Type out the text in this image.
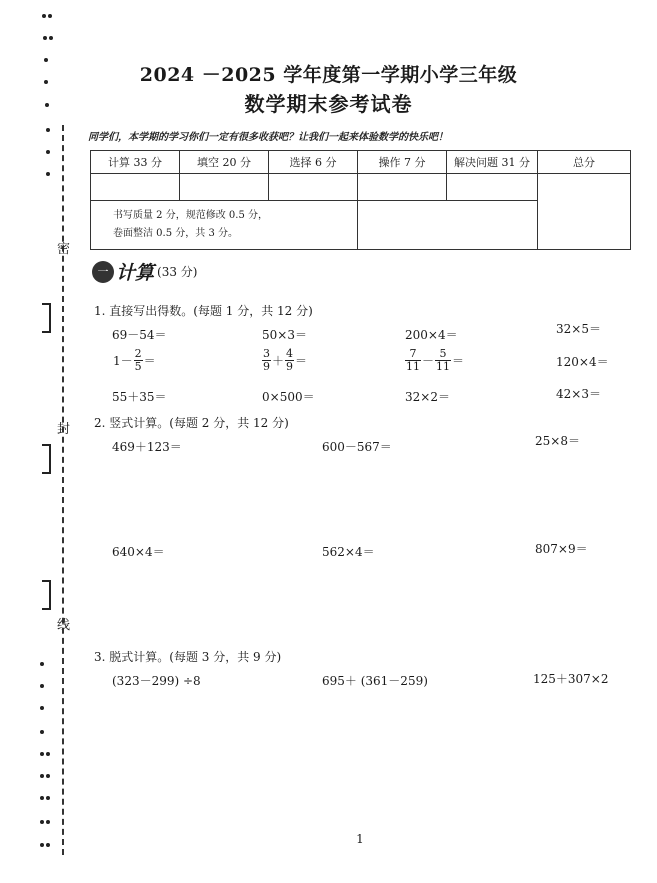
密
封
线
2024 －2025 学年度第一学期小学三年级
数学期末参考试卷
同学们，本学期的学习你们一定有很多收获吧？让我们一起来体验数学的快乐吧！
计算 33 分	填空 20 分	选择 6 分	操作 7 分	解决问题 31 分	总分

书写质量 2 分，规范修改 0.5 分，
卷面整洁 0.5 分，共 3 分。					
一 计算 (33 分)
1. 直接写出得数。(每题 1 分，共 12 分)
69－54＝	50×3＝	200×4＝	32×5＝
$1- \frac{2}{5}$ ＝	$\frac{3}{9} + \frac{4}{9}$ ＝	$\frac{7}{11} - \frac{5}{11}$ ＝	120×4＝
55＋35＝	0×500＝	32×2＝	42×3＝
2. 竖式计算。(每题 2 分，共 12 分)
469＋123＝	600－567＝	25×8＝
640×4＝	562×4＝	807×9＝
3. 脱式计算。(每题 3 分，共 9 分)
(323－299) ÷8	695＋ (361－259)	125＋307×2
1
